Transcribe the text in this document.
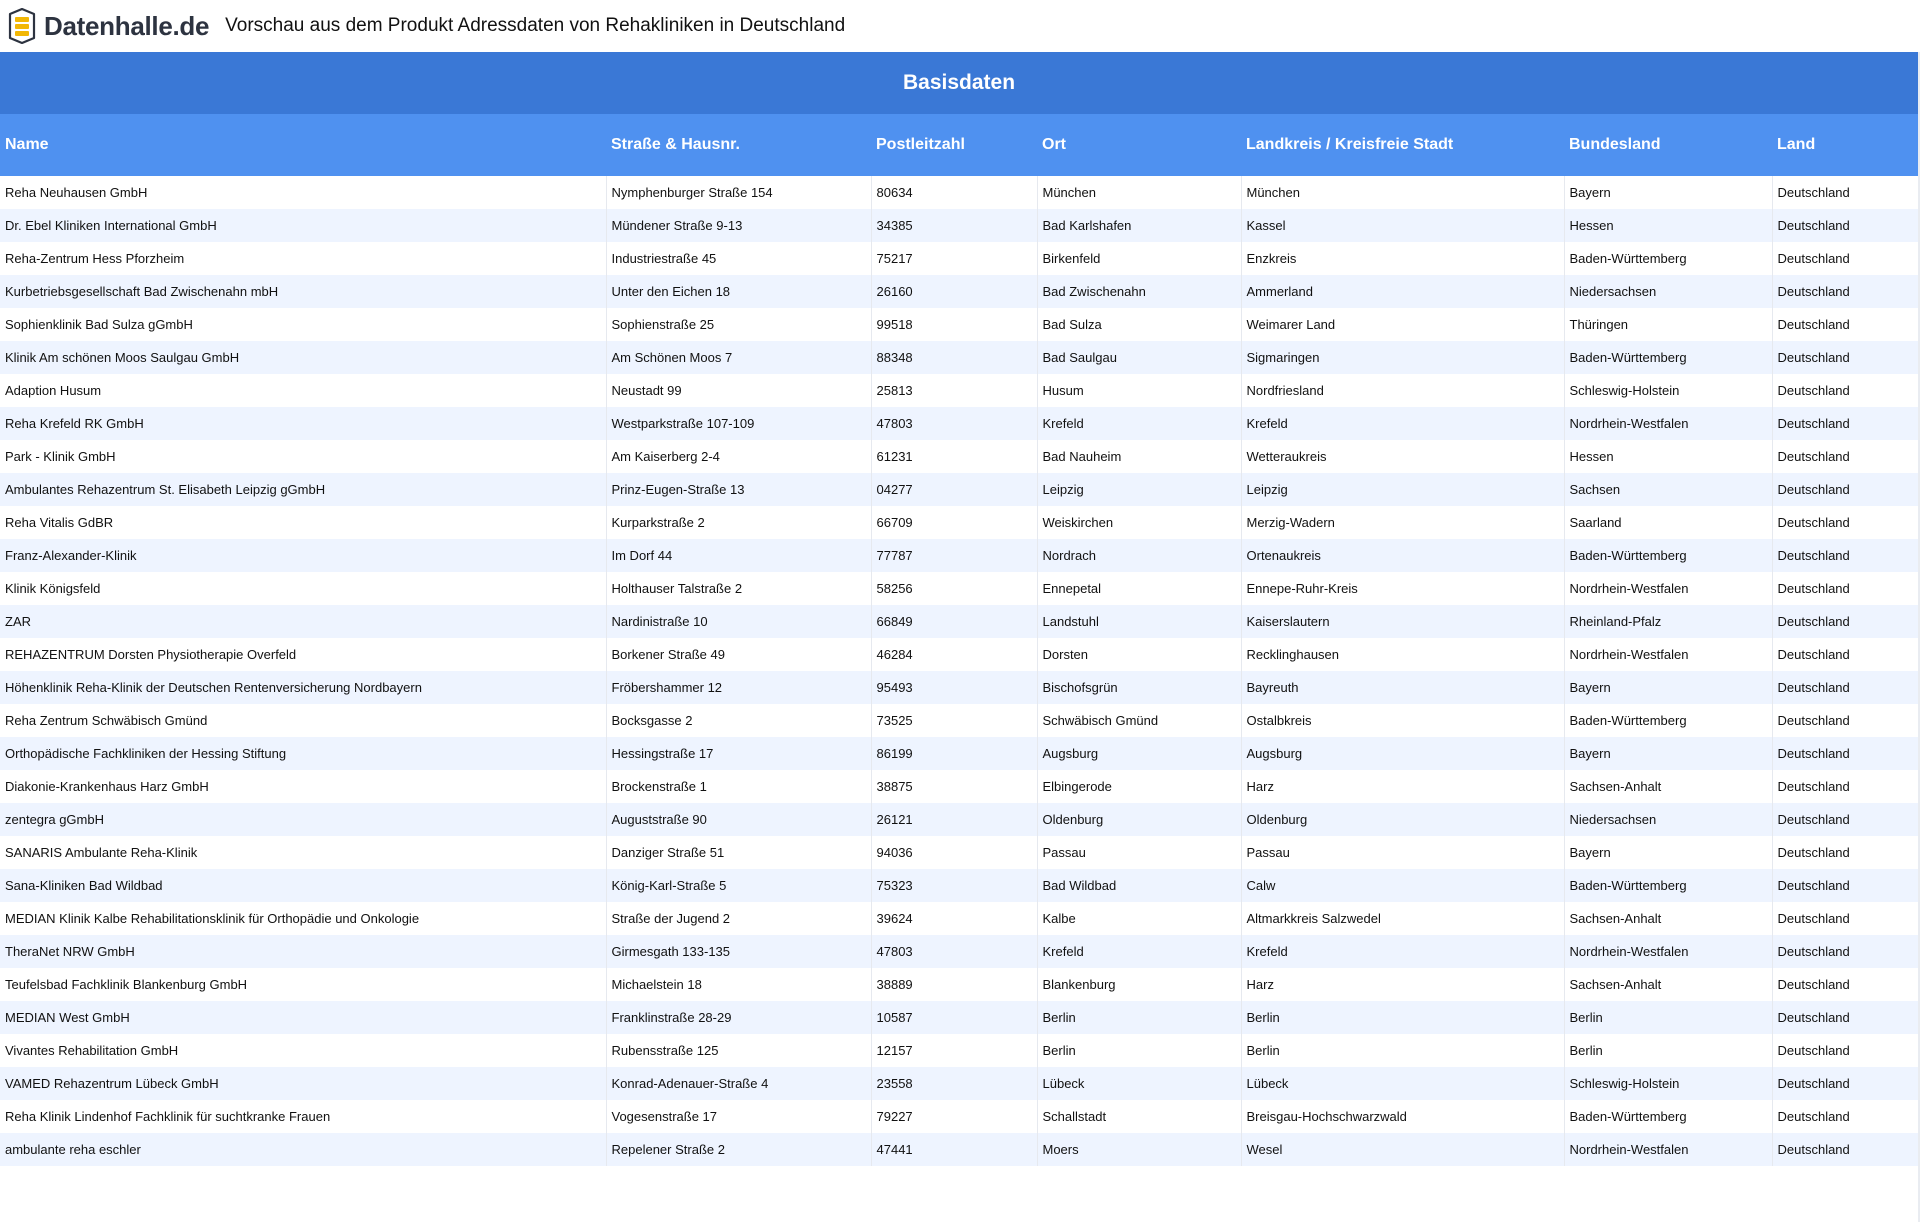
Datenhalle.de Vorschau aus dem Produkt Adressdaten von Rehakliniken in Deutschland
Basisdaten						
Name	Straße & Hausnr.	Postleitzahl	Ort	Landkreis / Kreisfreie Stadt	Bundesland	Land
Reha Neuhausen GmbH	Nymphenburger Straße 154	80634	München	München	Bayern	Deutschland
Dr. Ebel Kliniken International GmbH	Mündener Straße 9-13	34385	Bad Karlshafen	Kassel	Hessen	Deutschland
Reha-Zentrum Hess Pforzheim	Industriestraße 45	75217	Birkenfeld	Enzkreis	Baden-Württemberg	Deutschland
Kurbetriebsgesellschaft Bad Zwischenahn mbH	Unter den Eichen 18	26160	Bad Zwischenahn	Ammerland	Niedersachsen	Deutschland
Sophienklinik Bad Sulza gGmbH	Sophienstraße 25	99518	Bad Sulza	Weimarer Land	Thüringen	Deutschland
Klinik Am schönen Moos Saulgau GmbH	Am Schönen Moos 7	88348	Bad Saulgau	Sigmaringen	Baden-Württemberg	Deutschland
Adaption Husum	Neustadt 99	25813	Husum	Nordfriesland	Schleswig-Holstein	Deutschland
Reha Krefeld RK GmbH	Westparkstraße 107-109	47803	Krefeld	Krefeld	Nordrhein-Westfalen	Deutschland
Park - Klinik GmbH	Am Kaiserberg 2-4	61231	Bad Nauheim	Wetteraukreis	Hessen	Deutschland
Ambulantes Rehazentrum St. Elisabeth Leipzig gGmbH	Prinz-Eugen-Straße 13	04277	Leipzig	Leipzig	Sachsen	Deutschland
Reha Vitalis GdBR	Kurparkstraße 2	66709	Weiskirchen	Merzig-Wadern	Saarland	Deutschland
Franz-Alexander-Klinik	Im Dorf 44	77787	Nordrach	Ortenaukreis	Baden-Württemberg	Deutschland
Klinik Königsfeld	Holthauser Talstraße 2	58256	Ennepetal	Ennepe-Ruhr-Kreis	Nordrhein-Westfalen	Deutschland
ZAR	Nardinistraße 10	66849	Landstuhl	Kaiserslautern	Rheinland-Pfalz	Deutschland
REHAZENTRUM Dorsten Physiotherapie Overfeld	Borkener Straße 49	46284	Dorsten	Recklinghausen	Nordrhein-Westfalen	Deutschland
Höhenklinik Reha-Klinik der Deutschen Rentenversicherung Nordbayern	Fröbershammer 12	95493	Bischofsgrün	Bayreuth	Bayern	Deutschland
Reha Zentrum Schwäbisch Gmünd	Bocksgasse 2	73525	Schwäbisch Gmünd	Ostalbkreis	Baden-Württemberg	Deutschland
Orthopädische Fachkliniken der Hessing Stiftung	Hessingstraße 17	86199	Augsburg	Augsburg	Bayern	Deutschland
Diakonie-Krankenhaus Harz GmbH	Brockenstraße 1	38875	Elbingerode	Harz	Sachsen-Anhalt	Deutschland
zentegra gGmbH	Auguststraße 90	26121	Oldenburg	Oldenburg	Niedersachsen	Deutschland
SANARIS Ambulante Reha-Klinik	Danziger Straße 51	94036	Passau	Passau	Bayern	Deutschland
Sana-Kliniken Bad Wildbad	König-Karl-Straße 5	75323	Bad Wildbad	Calw	Baden-Württemberg	Deutschland
MEDIAN Klinik Kalbe Rehabilitationsklinik für Orthopädie und Onkologie	Straße der Jugend 2	39624	Kalbe	Altmarkkreis Salzwedel	Sachsen-Anhalt	Deutschland
TheraNet NRW GmbH	Girmesgath 133-135	47803	Krefeld	Krefeld	Nordrhein-Westfalen	Deutschland
Teufelsbad Fachklinik Blankenburg GmbH	Michaelstein 18	38889	Blankenburg	Harz	Sachsen-Anhalt	Deutschland
MEDIAN West GmbH	Franklinstraße 28-29	10587	Berlin	Berlin	Berlin	Deutschland
Vivantes Rehabilitation GmbH	Rubensstraße 125	12157	Berlin	Berlin	Berlin	Deutschland
VAMED Rehazentrum Lübeck GmbH	Konrad-Adenauer-Straße 4	23558	Lübeck	Lübeck	Schleswig-Holstein	Deutschland
Reha Klinik Lindenhof Fachklinik für suchtkranke Frauen	Vogesenstraße 17	79227	Schallstadt	Breisgau-Hochschwarzwald	Baden-Württemberg	Deutschland
ambulante reha eschler	Repelener Straße 2	47441	Moers	Wesel	Nordrhein-Westfalen	Deutschland
